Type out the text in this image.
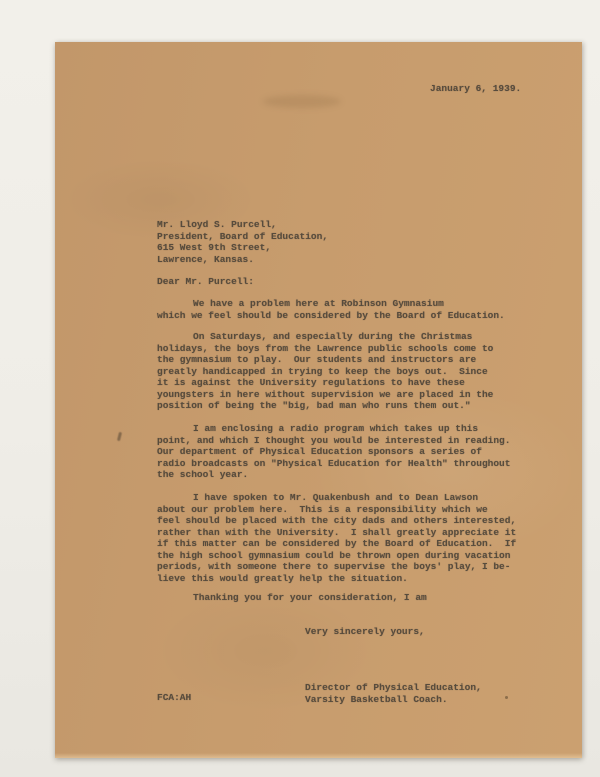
January 6, 1939.
Mr. Lloyd S. Purcell,
President, Board of Education,
615 West 9th Street,
Lawrence, Kansas.
Dear Mr. Purcell:
We have a problem here at Robinson Gymnasium
which we feel should be considered by the Board of Education.
On Saturdays, and especially during the Christmas
holidays, the boys from the Lawrence public schools come to
the gymnasium to play.  Our students and instructors are
greatly handicapped in trying to keep the boys out.  Since
it is against the University regulations to have these
youngsters in here without supervision we are placed in the
position of being the "big, bad man who runs them out."
I am enclosing a radio program which takes up this
point, and which I thought you would be interested in reading.
Our department of Physical Education sponsors a series of
radio broadcasts on "Physical Education for Health" throughout
the school year.
I have spoken to Mr. Quakenbush and to Dean Lawson
about our problem here.  This is a responsibility which we
feel should be placed with the city dads and others interested,
rather than with the University.  I shall greatly appreciate it
if this matter can be considered by the Board of Education.  If
the high school gymnasium could be thrown open during vacation
periods, with someone there to supervise the boys' play, I be-
lieve this would greatly help the situation.
Thanking you for your consideration, I am
Very sincerely yours,
Director of Physical Education,
Varsity Basketball Coach.
FCA:AH
